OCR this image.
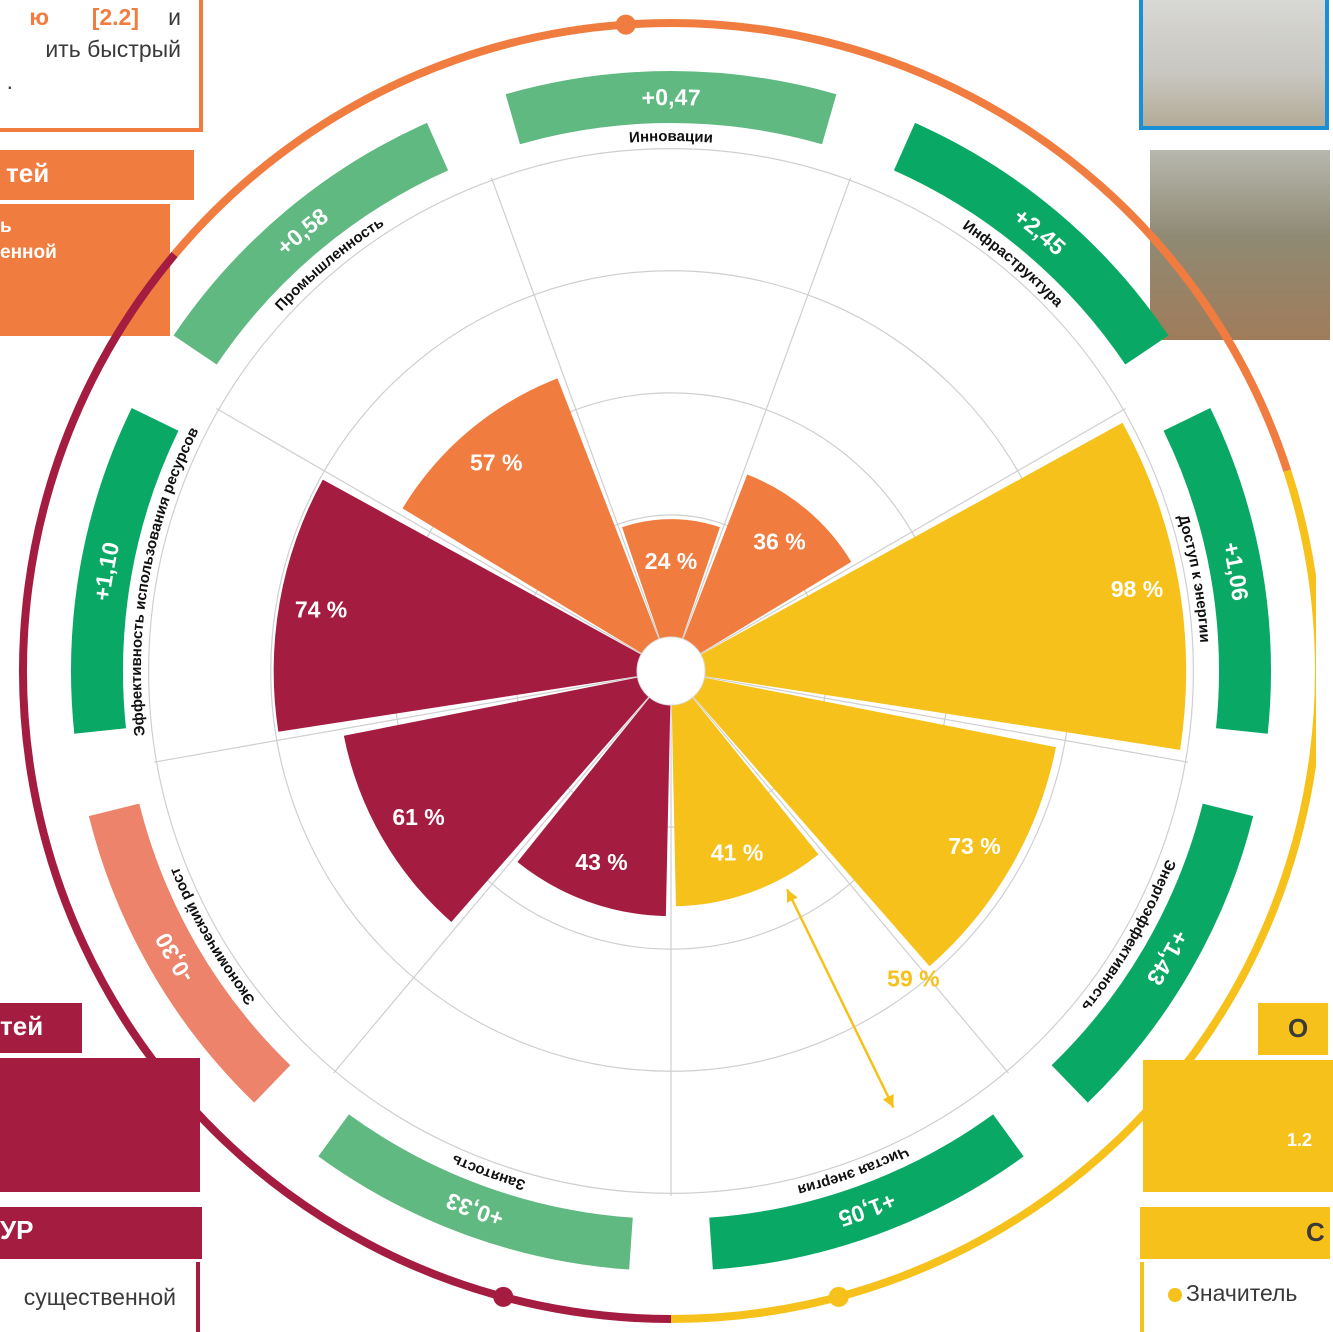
ю [2.2] и
ить быстрый
.
тей
ь
енной
тей
УР
существенной
О
1.2
С
Значитель
24 %
36 %
98 %
73 %
41 %
43 %
61 %
74 %
57 %
+0,47
Инновации
+2,45
Инфраструктура
+1,06
Доступ к энергии
+1,43
Энергоэффективность
+1,05
Чистая энергия
+0,33
Занятость
-0,30
Экономический рост
+1,10
Эффективность использования ресурсов
+0,58
Промышленность
59 %
